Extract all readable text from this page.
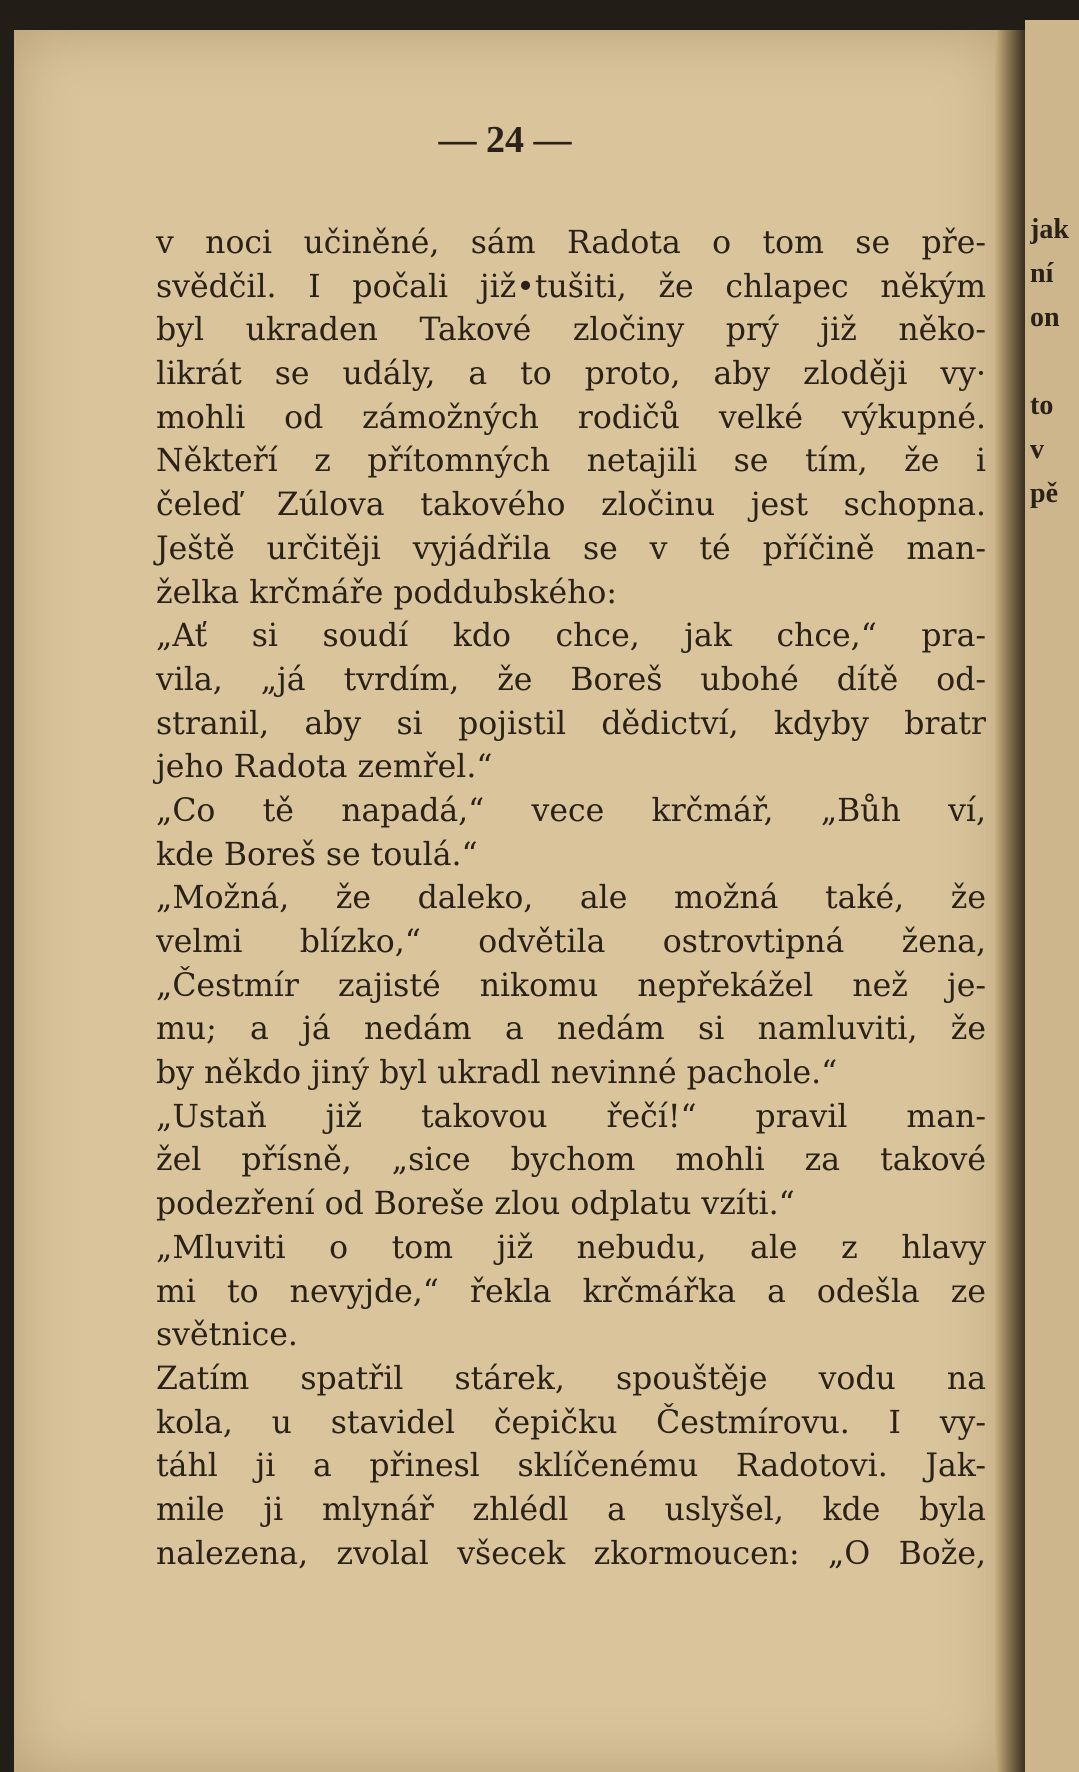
— 24 —
v noci učiněné, sám Radota o tom se pře-
svědčil. I počali již•tušiti, že chlapec někým
byl ukraden Takové zločiny prý již něko-
likrát se udály, a to proto, aby zloději vy·
mohli od zámožných rodičů velké výkupné.
Někteří z přítomných netajili se tím, že i
čeleď Zúlova takového zločinu jest schopna.
Ještě určitěji vyjádřila se v té příčině man-
želka krčmáře poddubského:
„Ať si soudí kdo chce, jak chce,“ pra-
vila, „já tvrdím, že Boreš ubohé dítě od-
stranil, aby si pojistil dědictví, kdyby bratr
jeho Radota zemřel.“
„Co tě napadá,“ vece krčmář, „Bůh ví,
kde Boreš se toulá.“
„Možná, že daleko, ale možná také, že
velmi blízko,“ odvětila ostrovtipná žena,
„Čestmír zajisté nikomu nepřekážel než je-
mu; a já nedám a nedám si namluviti, že
by někdo jiný byl ukradl nevinné pachole.“
„Ustaň již takovou řečí!“ pravil man-
žel přísně, „sice bychom mohli za takové
podezření od Boreše zlou odplatu vzíti.“
„Mluviti o tom již nebudu, ale z hlavy
mi to nevyjde,“ řekla krčmářka a odešla ze
světnice.
Zatím spatřil stárek, spouštěje vodu na
kola, u stavidel čepičku Čestmírovu. I vy-
táhl ji a přinesl sklíčenému Radotovi. Jak-
mile ji mlynář zhlédl a uslyšel, kde byla
nalezena, zvolal všecek zkormoucen: „O Bože,
jak
ní
on
to
v
pě
